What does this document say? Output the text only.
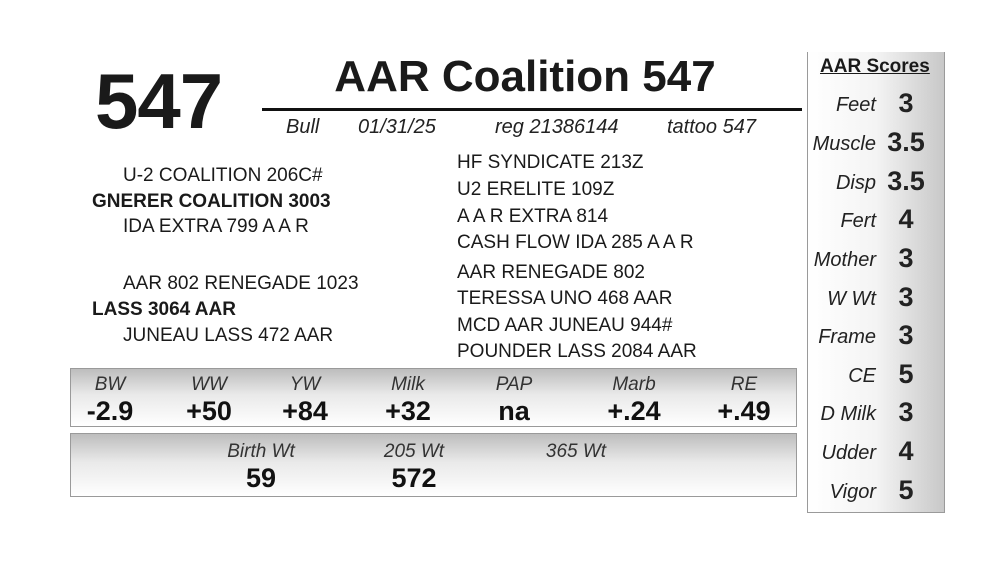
547	AAR Coalition 547
Bull 01/31/25	reg 21386144 tattoo 547
U-2 COALITION 206C#
GNERER COALITION 3003
IDA EXTRA 799 A A R
AAR 802 RENEGADE 1023
LASS 3064 AAR
JUNEAU LASS 472 AAR
HF SYNDICATE 213Z
U2 ERELITE 109Z
A A R EXTRA 814
CASH FLOW IDA 285 A A R
AAR RENEGADE 802
TERESSA UNO 468 AAR
MCD AAR JUNEAU 944#
POUNDER LASS 2084 AAR
BW
-2.9
WW
+50
YW
+84
Milk
+32
PAP
na
Marb
+.24
RE
+.49
Birth Wt
59
205 Wt
572
365 Wt
Feet 3
Muscle 3.5
Disp 3.5
Fert 4
Mother 3
W Wt 3
Frame 3
CE 5
D Milk 3
Udder 4
Vigor 5
AAR Scores
